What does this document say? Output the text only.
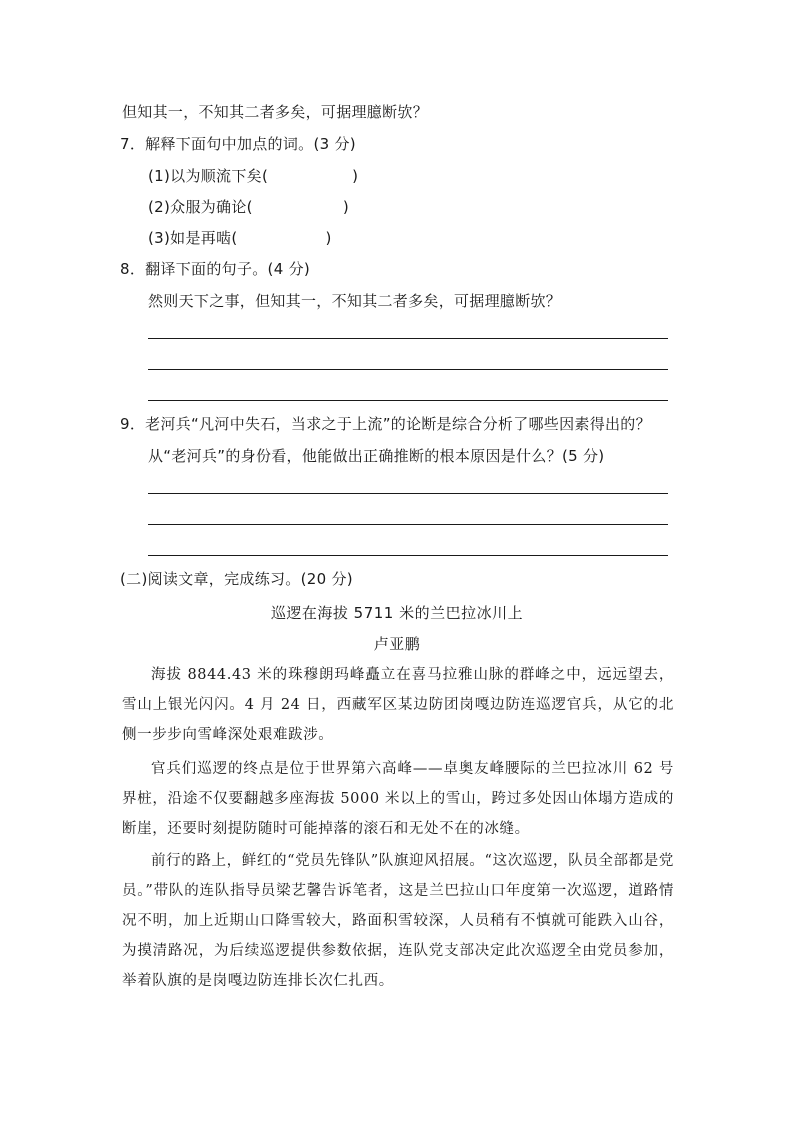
但知其一，不知其二者多矣，可据理臆断欤？
7．解释下面句中加点的词。(3 分)
(1)以为顺流下矣(	)
(2)众服为确论(	)
(3)如是再啮(	)
8．翻译下面的句子。(4 分)
然则天下之事，但知其一，不知其二者多矣，可据理臆断欤？
9．老河兵“凡河中失石，当求之于上流”的论断是综合分析了哪些因素得出的？
从“老河兵”的身份看，他能做出正确推断的根本原因是什么？(5 分)
(二)阅读文章，完成练习。(20 分)
巡逻在海拔 5711 米的兰巴拉冰川上
卢亚鹏
海拔 8844.43 米的珠穆朗玛峰矗立在喜马拉雅山脉的群峰之中，远远望去，雪山上银光闪闪。4 月 24 日，西藏军区某边防团岗嘎边防连巡逻官兵，从它的北侧一步步向雪峰深处艰难跋涉。
官兵们巡逻的终点是位于世界第六高峰——卓奥友峰腰际的兰巴拉冰川 62 号界桩，沿途不仅要翻越多座海拔 5000 米以上的雪山，跨过多处因山体塌方造成的断崖，还要时刻提防随时可能掉落的滚石和无处不在的冰缝。
前行的路上，鲜红的“党员先锋队”队旗迎风招展。“这次巡逻，队员全部都是党员。”带队的连队指导员梁艺馨告诉笔者，这是兰巴拉山口年度第一次巡逻，道路情况不明，加上近期山口降雪较大，路面积雪较深，人员稍有不慎就可能跌入山谷，为摸清路况，为后续巡逻提供参数依据，连队党支部决定此次巡逻全由党员参加，举着队旗的是岗嘎边防连排长次仁扎西。
